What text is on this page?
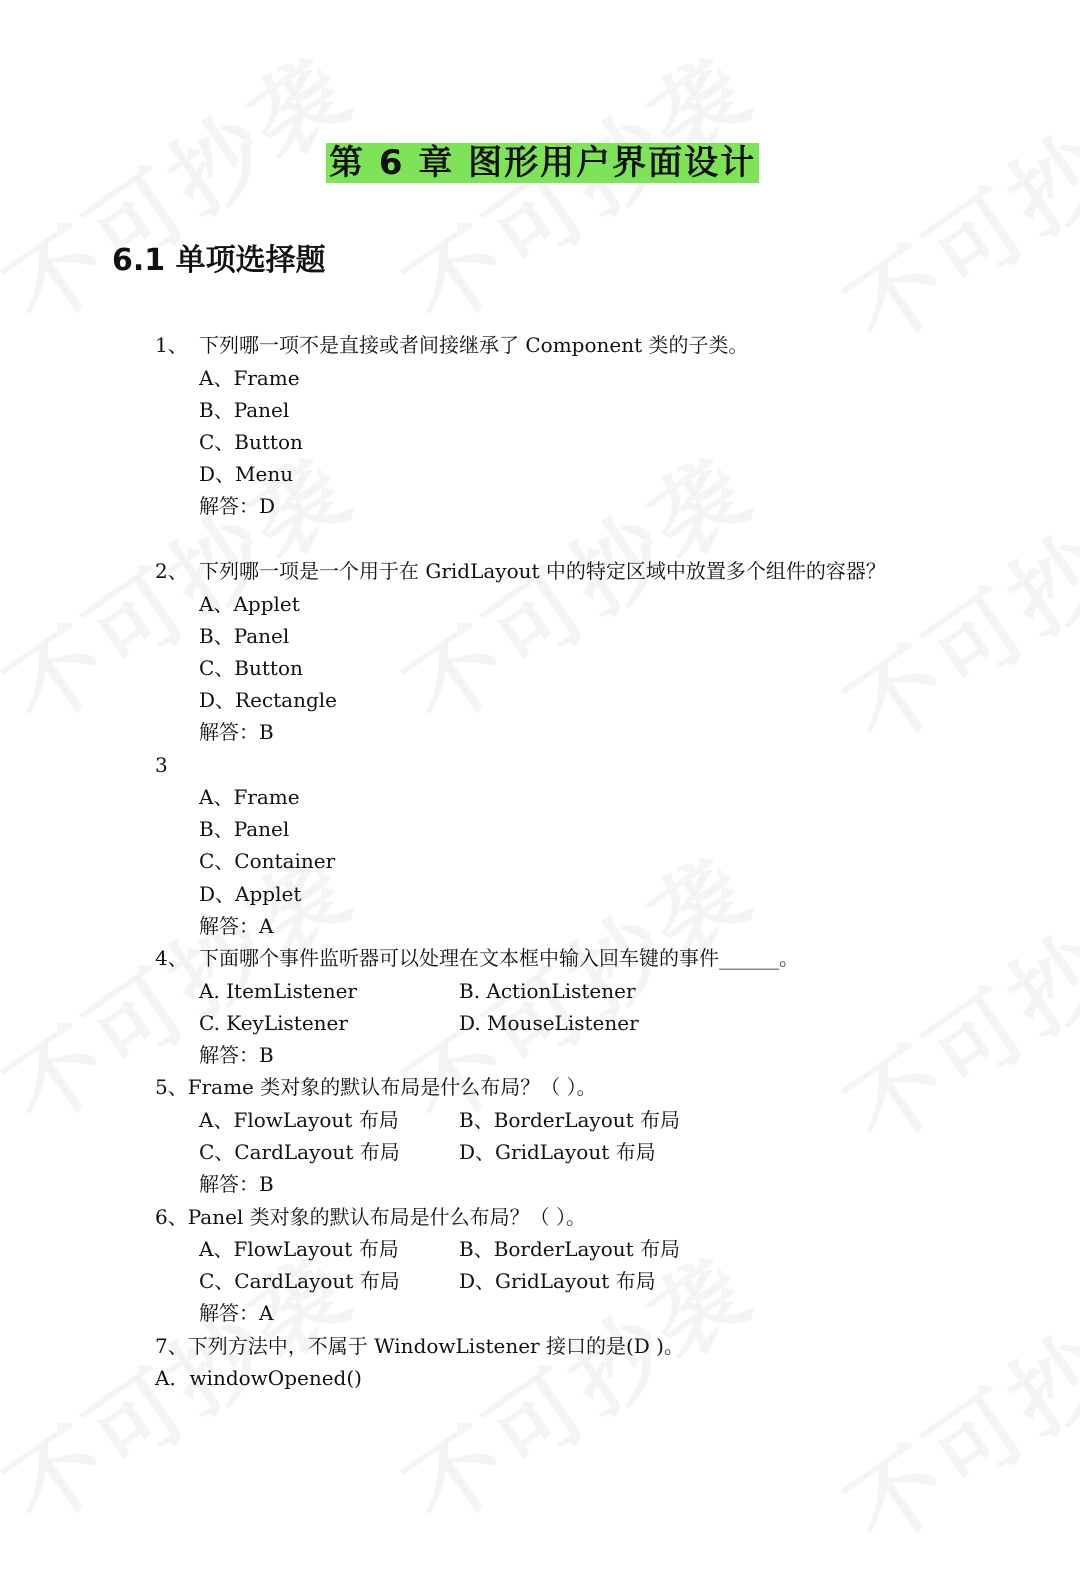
第 6 章 图形用户界面设计
6.1 单项选择题
1、 下列哪一项不是直接或者间接继承了 Component 类的子类。
A、Frame
B、Panel
C、Button
D、Menu
解答：D
2、 下列哪一项是一个用于在 GridLayout 中的特定区域中放置多个组件的容器？
A、Applet
B、Panel
C、Button
D、Rectangle
解答：B
3
A、Frame
B、Panel
C、Container
D、Applet
解答：A
4、 下面哪个事件监听器可以处理在文本框中输入回车键的事件______。
A. ItemListener	B. ActionListener
C. KeyListener	D. MouseListener
解答：B
5、Frame 类对象的默认布局是什么布局？（ ）。
A、FlowLayout 布局	B、BorderLayout 布局
C、CardLayout 布局	D、GridLayout 布局
解答：B
6、Panel 类对象的默认布局是什么布局？（ ）。
A、FlowLayout 布局	B、BorderLayout 布局
C、CardLayout 布局	D、GridLayout 布局
解答：A
7、下列方法中，不属于 WindowListener 接口的是(D )。
A．windowOpened()
